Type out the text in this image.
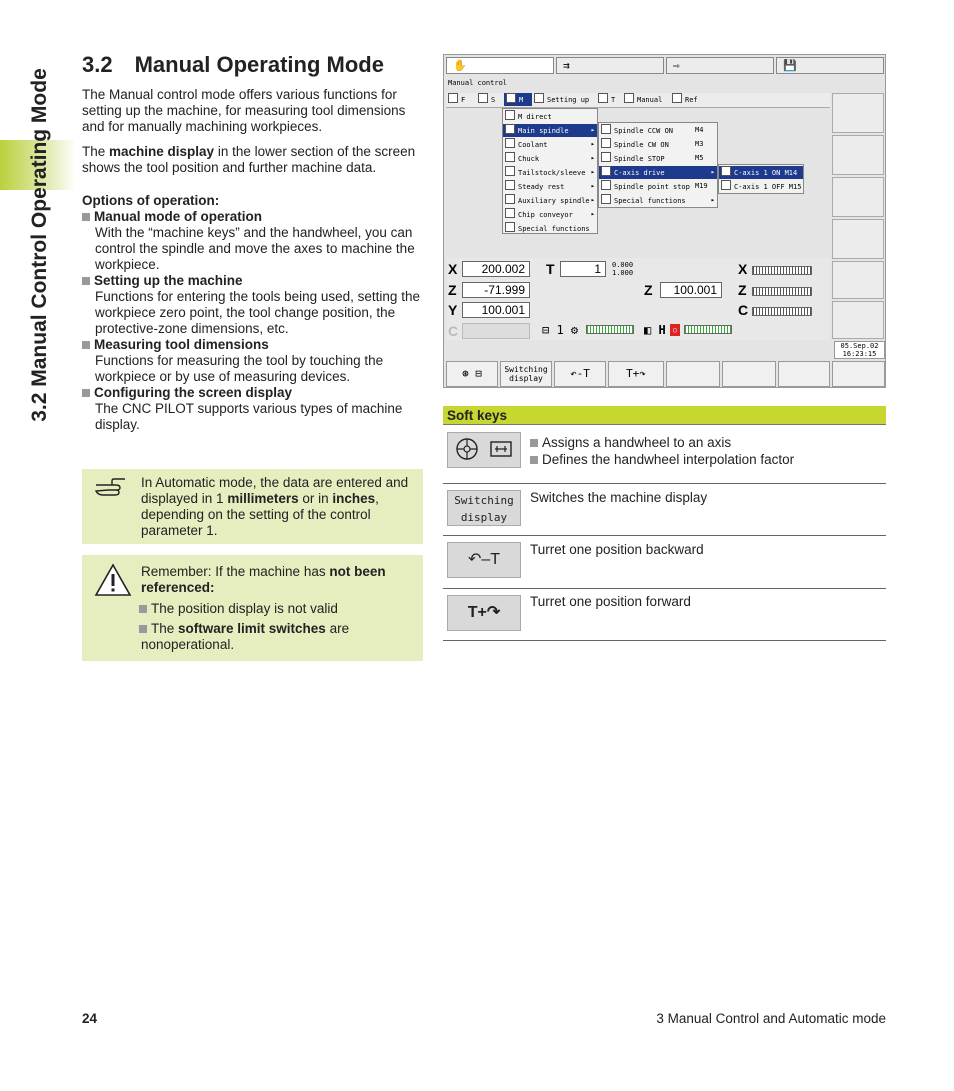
3.2 Manual Control Operating Mode
3.2 Manual Operating Mode

The Manual control mode offers various functions for setting up the machine, for measuring tool dimensions and for manually machining workpieces.

The machine display in the lower section of the screen shows the tool position and further machine data.

Options of operation:

Manual mode of operation
With the “machine keys” and the handwheel, you can control the spindle and move the axes to machine the workpiece.
Setting up the machine
Functions for entering the tools being used, setting the workpiece zero point, the tool change position, the protective-zone dimensions, etc.
Measuring tool dimensions
Functions for measuring the tool by touching the workpiece or by use of measuring devices.
Configuring the screen display
The CNC PILOT supports various types of machine display.
In Automatic mode, the data are entered and displayed in 1 millimeters or in inches, depending on the setting of the control parameter 1.

Remember: If the machine has not been referenced:

The position display is not valid

The software limit switches are nonoperational.

✋	⇉	⇨	💾
Manual control
F	S	M	Setting up	T	Manual	Ref
M direct
Main spindle	▸
Coolant	▸
Chuck	▸
Tailstock/sleeve ▸
Steady rest	▸
Auxiliary spindle ▸
Chip conveyor	▸
Special functions
Spindle CCW ON	M4
Spindle CW ON	M3
Spindle STOP	M5
C-axis drive	▸
Spindle point stop M19
Special functions	▸
C-axis 1 ON M14
C-axis 1 OFF M15
X	200.002
Z	-71.999
Y	100.001
C
T	1	0.000
1.000
Z	100.001
X
Z
C
⊟ 1 ⚙	◧ H	○
05.Sep.02
16:23:15
⊛ ⊟	Switching display	↶-T	T+↷
Soft keys
Assigns a handwheel to an axis
Defines the handwheel interpolation factor
Switching display
Switches the machine display
↶–T
Turret one position backward
T+↷
Turret one position forward
24	3 Manual Control and Automatic mode
